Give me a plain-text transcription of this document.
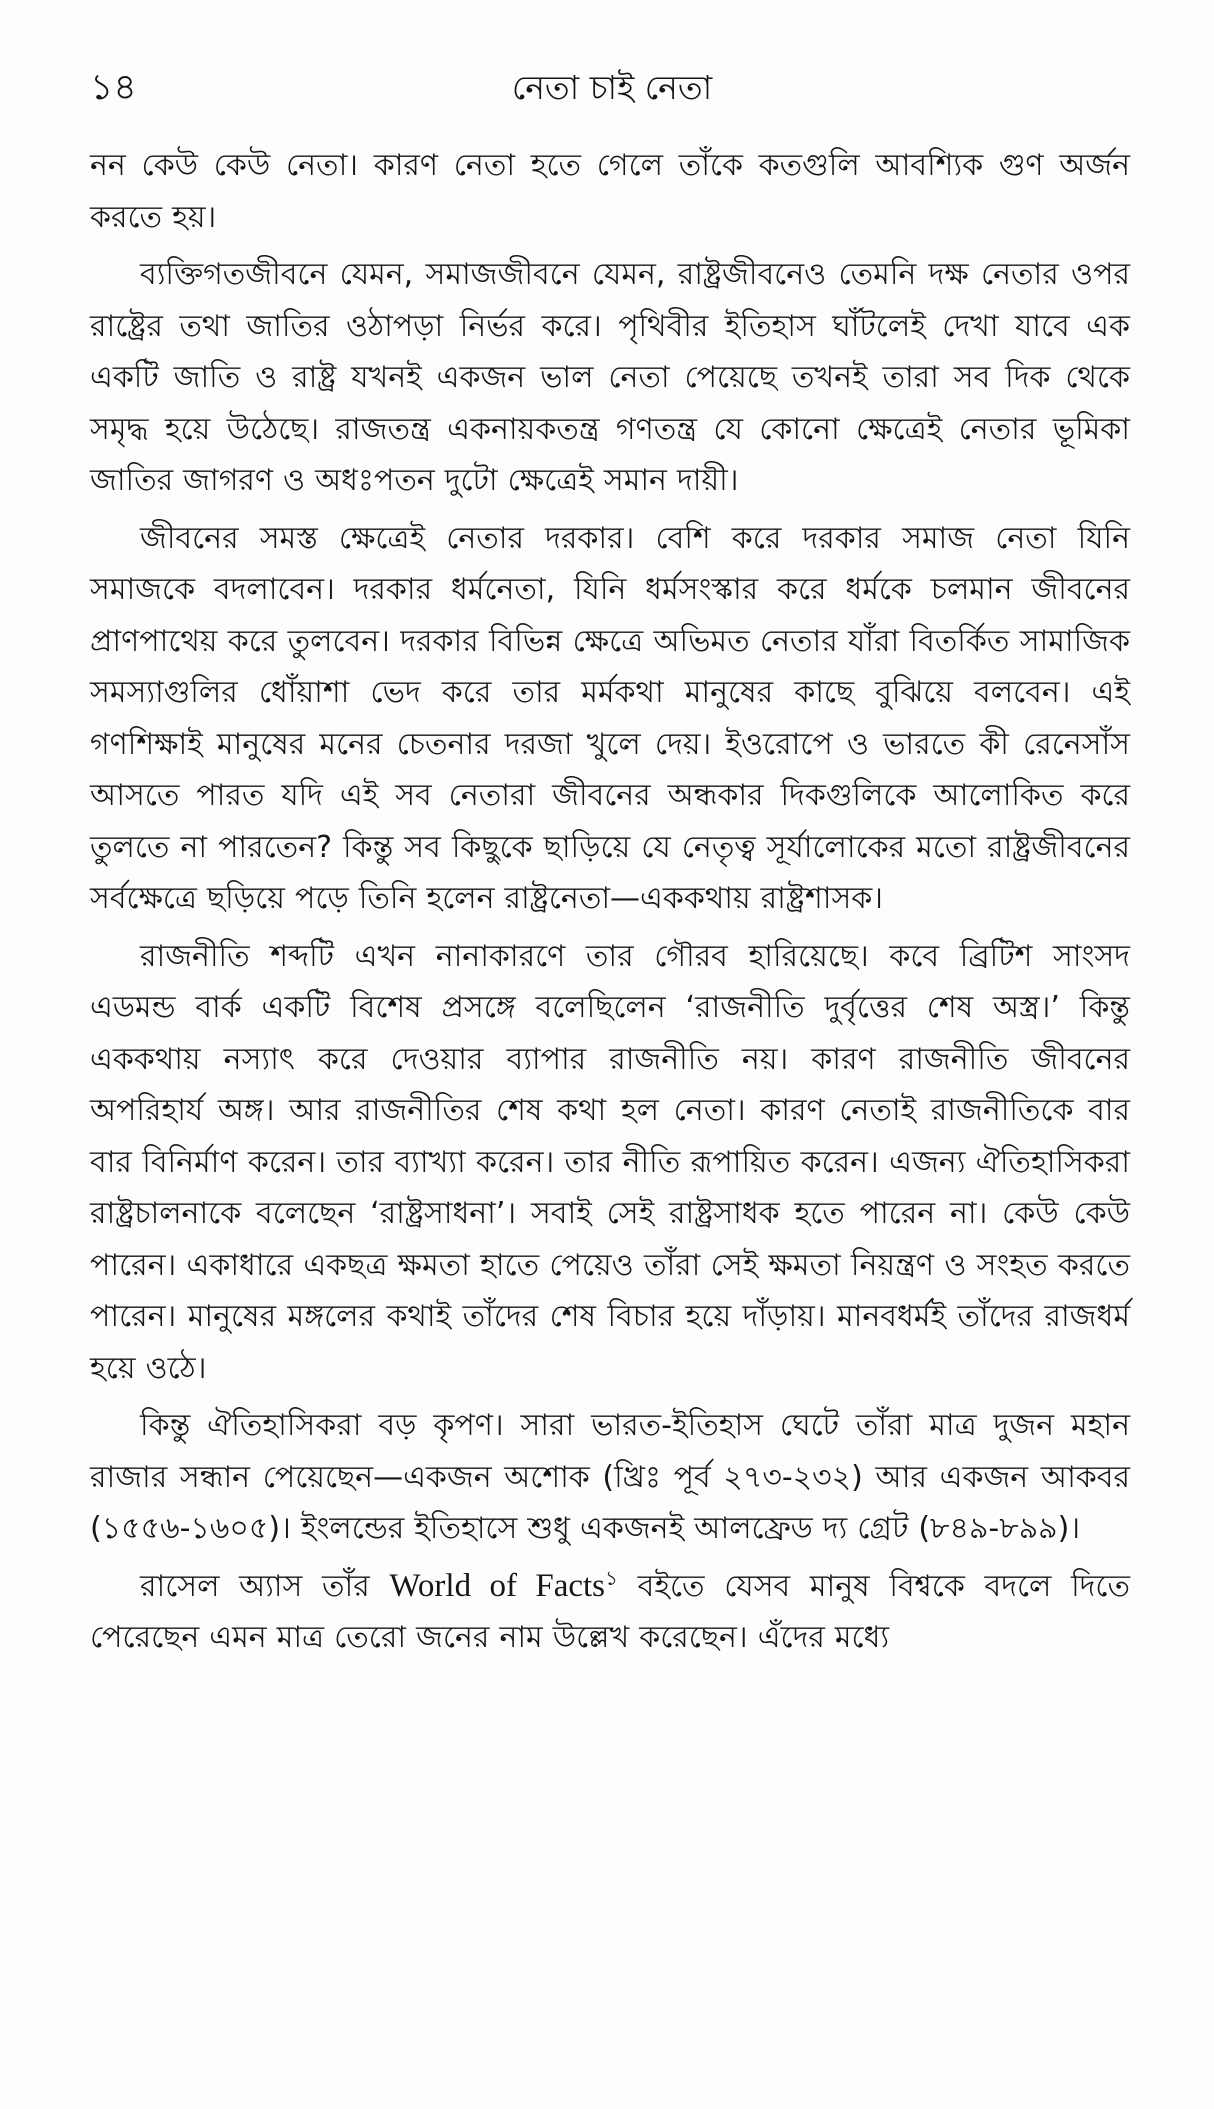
১৪	নেতা চাই নেতা

নন কেউ কেউ নেতা। কারণ নেতা হতে গেলে তাঁকে কতগুলি আবশ্যিক গুণ অর্জন করতে হয়।

ব্যক্তিগতজীবনে যেমন, সমাজজীবনে যেমন, রাষ্ট্রজীবনেও তেমনি দক্ষ নেতার ওপর রাষ্ট্রের তথা জাতির ওঠাপড়া নির্ভর করে। পৃথিবীর ইতিহাস ঘাঁটলেই দেখা যাবে এক একটি জাতি ও রাষ্ট্র যখনই একজন ভাল নেতা পেয়েছে তখনই তারা সব দিক থেকে সমৃদ্ধ হয়ে উঠেছে। রাজতন্ত্র একনায়কতন্ত্র গণতন্ত্র যে কোনো ক্ষেত্রেই নেতার ভূমিকা জাতির জাগরণ ও অধঃপতন দুটো ক্ষেত্রেই সমান দায়ী।

জীবনের সমস্ত ক্ষেত্রেই নেতার দরকার। বেশি করে দরকার সমাজ নেতা যিনি সমাজকে বদলাবেন। দরকার ধর্মনেতা, যিনি ধর্মসংস্কার করে ধর্মকে চলমান জীবনের প্রাণপাথেয় করে তুলবেন। দরকার বিভিন্ন ক্ষেত্রে অভিমত নেতার যাঁরা বিতর্কিত সামাজিক সমস্যাগুলির ধোঁয়াশা ভেদ করে তার মর্মকথা মানুষের কাছে বুঝিয়ে বলবেন। এই গণশিক্ষাই মানুষের মনের চেতনার দরজা খুলে দেয়। ইওরোপে ও ভারতে কী রেনেসাঁস আসতে পারত যদি এই সব নেতারা জীবনের অন্ধকার দিকগুলিকে আলোকিত করে তুলতে না পারতেন? কিন্তু সব কিছুকে ছাড়িয়ে যে নেতৃত্ব সূর্যালোকের মতো রাষ্ট্রজীবনের সর্বক্ষেত্রে ছড়িয়ে পড়ে তিনি হলেন রাষ্ট্রনেতা—এককথায় রাষ্ট্রশাসক।

রাজনীতি শব্দটি এখন নানাকারণে তার গৌরব হারিয়েছে। কবে ব্রিটিশ সাংসদ এডমন্ড বার্ক একটি বিশেষ প্রসঙ্গে বলেছিলেন ‘রাজনীতি দুর্বৃত্তের শেষ অস্ত্র।’ কিন্তু এককথায় নস্যাৎ করে দেওয়ার ব্যাপার রাজনীতি নয়। কারণ রাজনীতি জীবনের অপরিহার্য অঙ্গ। আর রাজনীতির শেষ কথা হল নেতা। কারণ নেতাই রাজনীতিকে বার বার বিনির্মাণ করেন। তার ব্যাখ্যা করেন। তার নীতি রূপায়িত করেন। এজন্য ঐতিহাসিকরা রাষ্ট্রচালনাকে বলেছেন ‘রাষ্ট্রসাধনা’। সবাই সেই রাষ্ট্রসাধক হতে পারেন না। কেউ কেউ পারেন। একাধারে একছত্র ক্ষমতা হাতে পেয়েও তাঁরা সেই ক্ষমতা নিয়ন্ত্রণ ও সংহত করতে পারেন। মানুষের মঙ্গলের কথাই তাঁদের শেষ বিচার হয়ে দাঁড়ায়। মানবধর্মই তাঁদের রাজধর্ম হয়ে ওঠে।

কিন্তু ঐতিহাসিকরা বড় কৃপণ। সারা ভারত-ইতিহাস ঘেটে তাঁরা মাত্র দুজন মহান রাজার সন্ধান পেয়েছেন—একজন অশোক (খ্রিঃ পূর্ব ২৭৩-২৩২) আর একজন আকবর (১৫৫৬-১৬০৫)। ইংলন্ডের ইতিহাসে শুধু একজনই আলফ্রেড দ্য গ্রেট (৮৪৯-৮৯৯)।

রাসেল অ্যাস তাঁর World of Facts$^১$ বইতে যেসব মানুষ বিশ্বকে বদলে দিতে পেরেছেন এমন মাত্র তেরো জনের নাম উল্লেখ করেছেন। এঁদের মধ্যে
